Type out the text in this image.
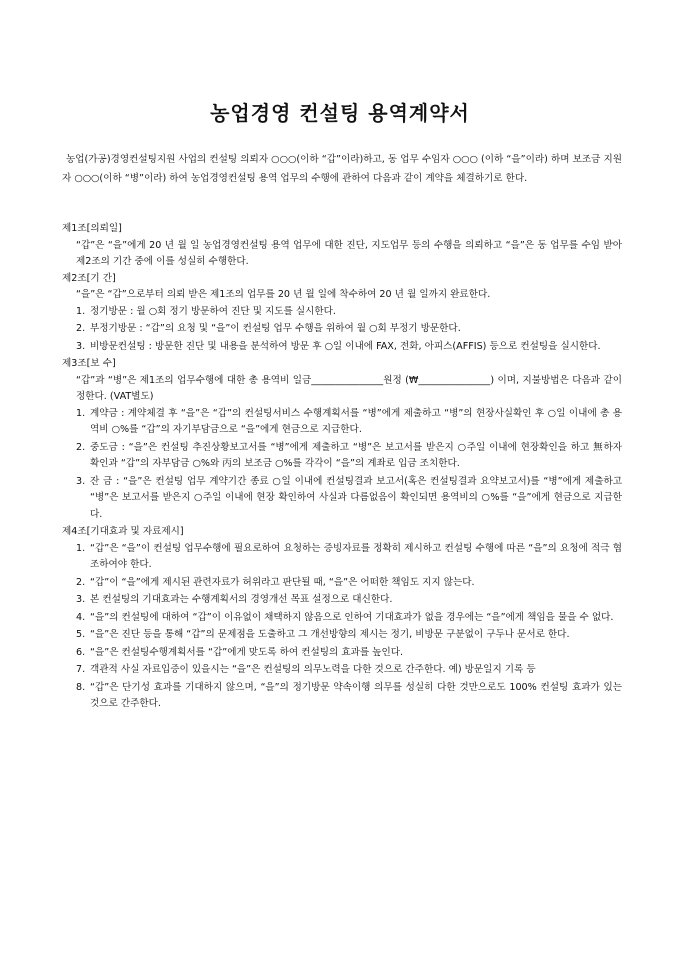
농업경영 컨설팅 용역계약서
농업(가공)경영컨설팅지원 사업의 컨설팅 의뢰자 ○○○(이하 “갑”이라)하고, 동 업무 수임자 ○○○ (이하 “을”이라) 하며 보조금 지원자 ○○○(이하 “병”이라) 하여 농업경영컨설팅 용역 업무의 수행에 관하여 다음과 같이 계약을 체결하기로 한다.
제1조[의뢰일]
“갑”은 “을”에게 20 년 월 일 농업경영컨설팅 용역 업무에 대한 진단, 지도업무 등의 수행을 의뢰하고 “을”은 동 업무를 수임 받아 제2조의 기간 중에 이를 성실히 수행한다.
제2조[기 간]
“을”은 “갑”으로부터 의뢰 받은 제1조의 업무를 20 년 월 일에 착수하여 20 년 월 일까지 완료한다.
1. 정기방문 : 월 ○회 정기 방문하여 진단 및 지도를 실시한다.
2. 부정기방문 : “갑”의 요청 및 “을”이 컨설팅 업무 수행을 위하여 월 ○회 부정기 방문한다.
3. 비방문컨설팅 : 방문한 진단 및 내용을 분석하여 방문 후 ○일 이내에 FAX, 전화, 아피스(AFFIS) 등으로 컨설팅을 실시한다.
제3조[보 수]
“갑”과 “병”은 제1조의 업무수행에 대한 총 용역비 일금_______________원정 (₩_______________) 이며, 지불방법은 다음과 같이 정한다. (VAT별도)
1. 계약금 : 계약체결 후 “을”은 “갑”의 컨설팅서비스 수행계획서를 “병”에게 제출하고 “병”의 현장사실확인 후 ○일 이내에 총 용역비 ○%를 “갑”의 자기부담금으로 “을”에게 현금으로 지급한다.
2. 중도금 : “을”은 컨설팅 추진상황보고서를 “병”에게 제출하고 “병”은 보고서를 받은지 ○주일 이내에 현장확인을 하고 無하자 확인과 “갑”의 자부담금 ○%와 丙의 보조금 ○%를 각각이 “을”의 계좌로 입금 조치한다.
3. 잔 금 : “을”은 컨설팅 업무 계약기간 종료 ○일 이내에 컨설팅결과 보고서(혹은 컨설팅결과 요약보고서)를 “병”에게 제출하고 “병”은 보고서를 받은지 ○주일 이내에 현장 확인하여 사실과 다름없음이 확인되면 용역비의 ○%를 “을”에게 현금으로 지급한다.
제4조[기대효과 및 자료제시]
1. “갑”은 “을”이 컨설팅 업무수행에 필요로하여 요청하는 증빙자료를 정확히 제시하고 컨설팅 수행에 따른 “을”의 요청에 적극 협조하여야 한다.
2. “갑”이 “을”에게 제시된 관련자료가 허위라고 판단될 때, “을”은 어떠한 책임도 지지 않는다.
3. 본 컨설팅의 기대효과는 수행계획서의 경영개선 목표 설정으로 대신한다.
4. “을”의 컨설팅에 대하여 “갑”이 이유없이 채택하지 않음으로 인하여 기대효과가 없을 경우에는 “을”에게 책임을 물을 수 없다.
5. “을”은 진단 등을 통해 “갑”의 문제점을 도출하고 그 개선방향의 제시는 정기, 비방문 구분없이 구두나 문서로 한다.
6. “을”은 컨설팅수행계획서를 “갑”에게 맞도록 하여 컨설팅의 효과를 높인다.
7. 객관적 사실 자료입증이 있을시는 “을”은 컨설팅의 의무노력을 다한 것으로 간주한다. 예) 방문일지 기록 등
8. “갑”은 단기성 효과를 기대하지 않으며, “을”의 정기방문 약속이행 의무를 성실히 다한 것만으로도 100% 컨설팅 효과가 있는 것으로 간주한다.
